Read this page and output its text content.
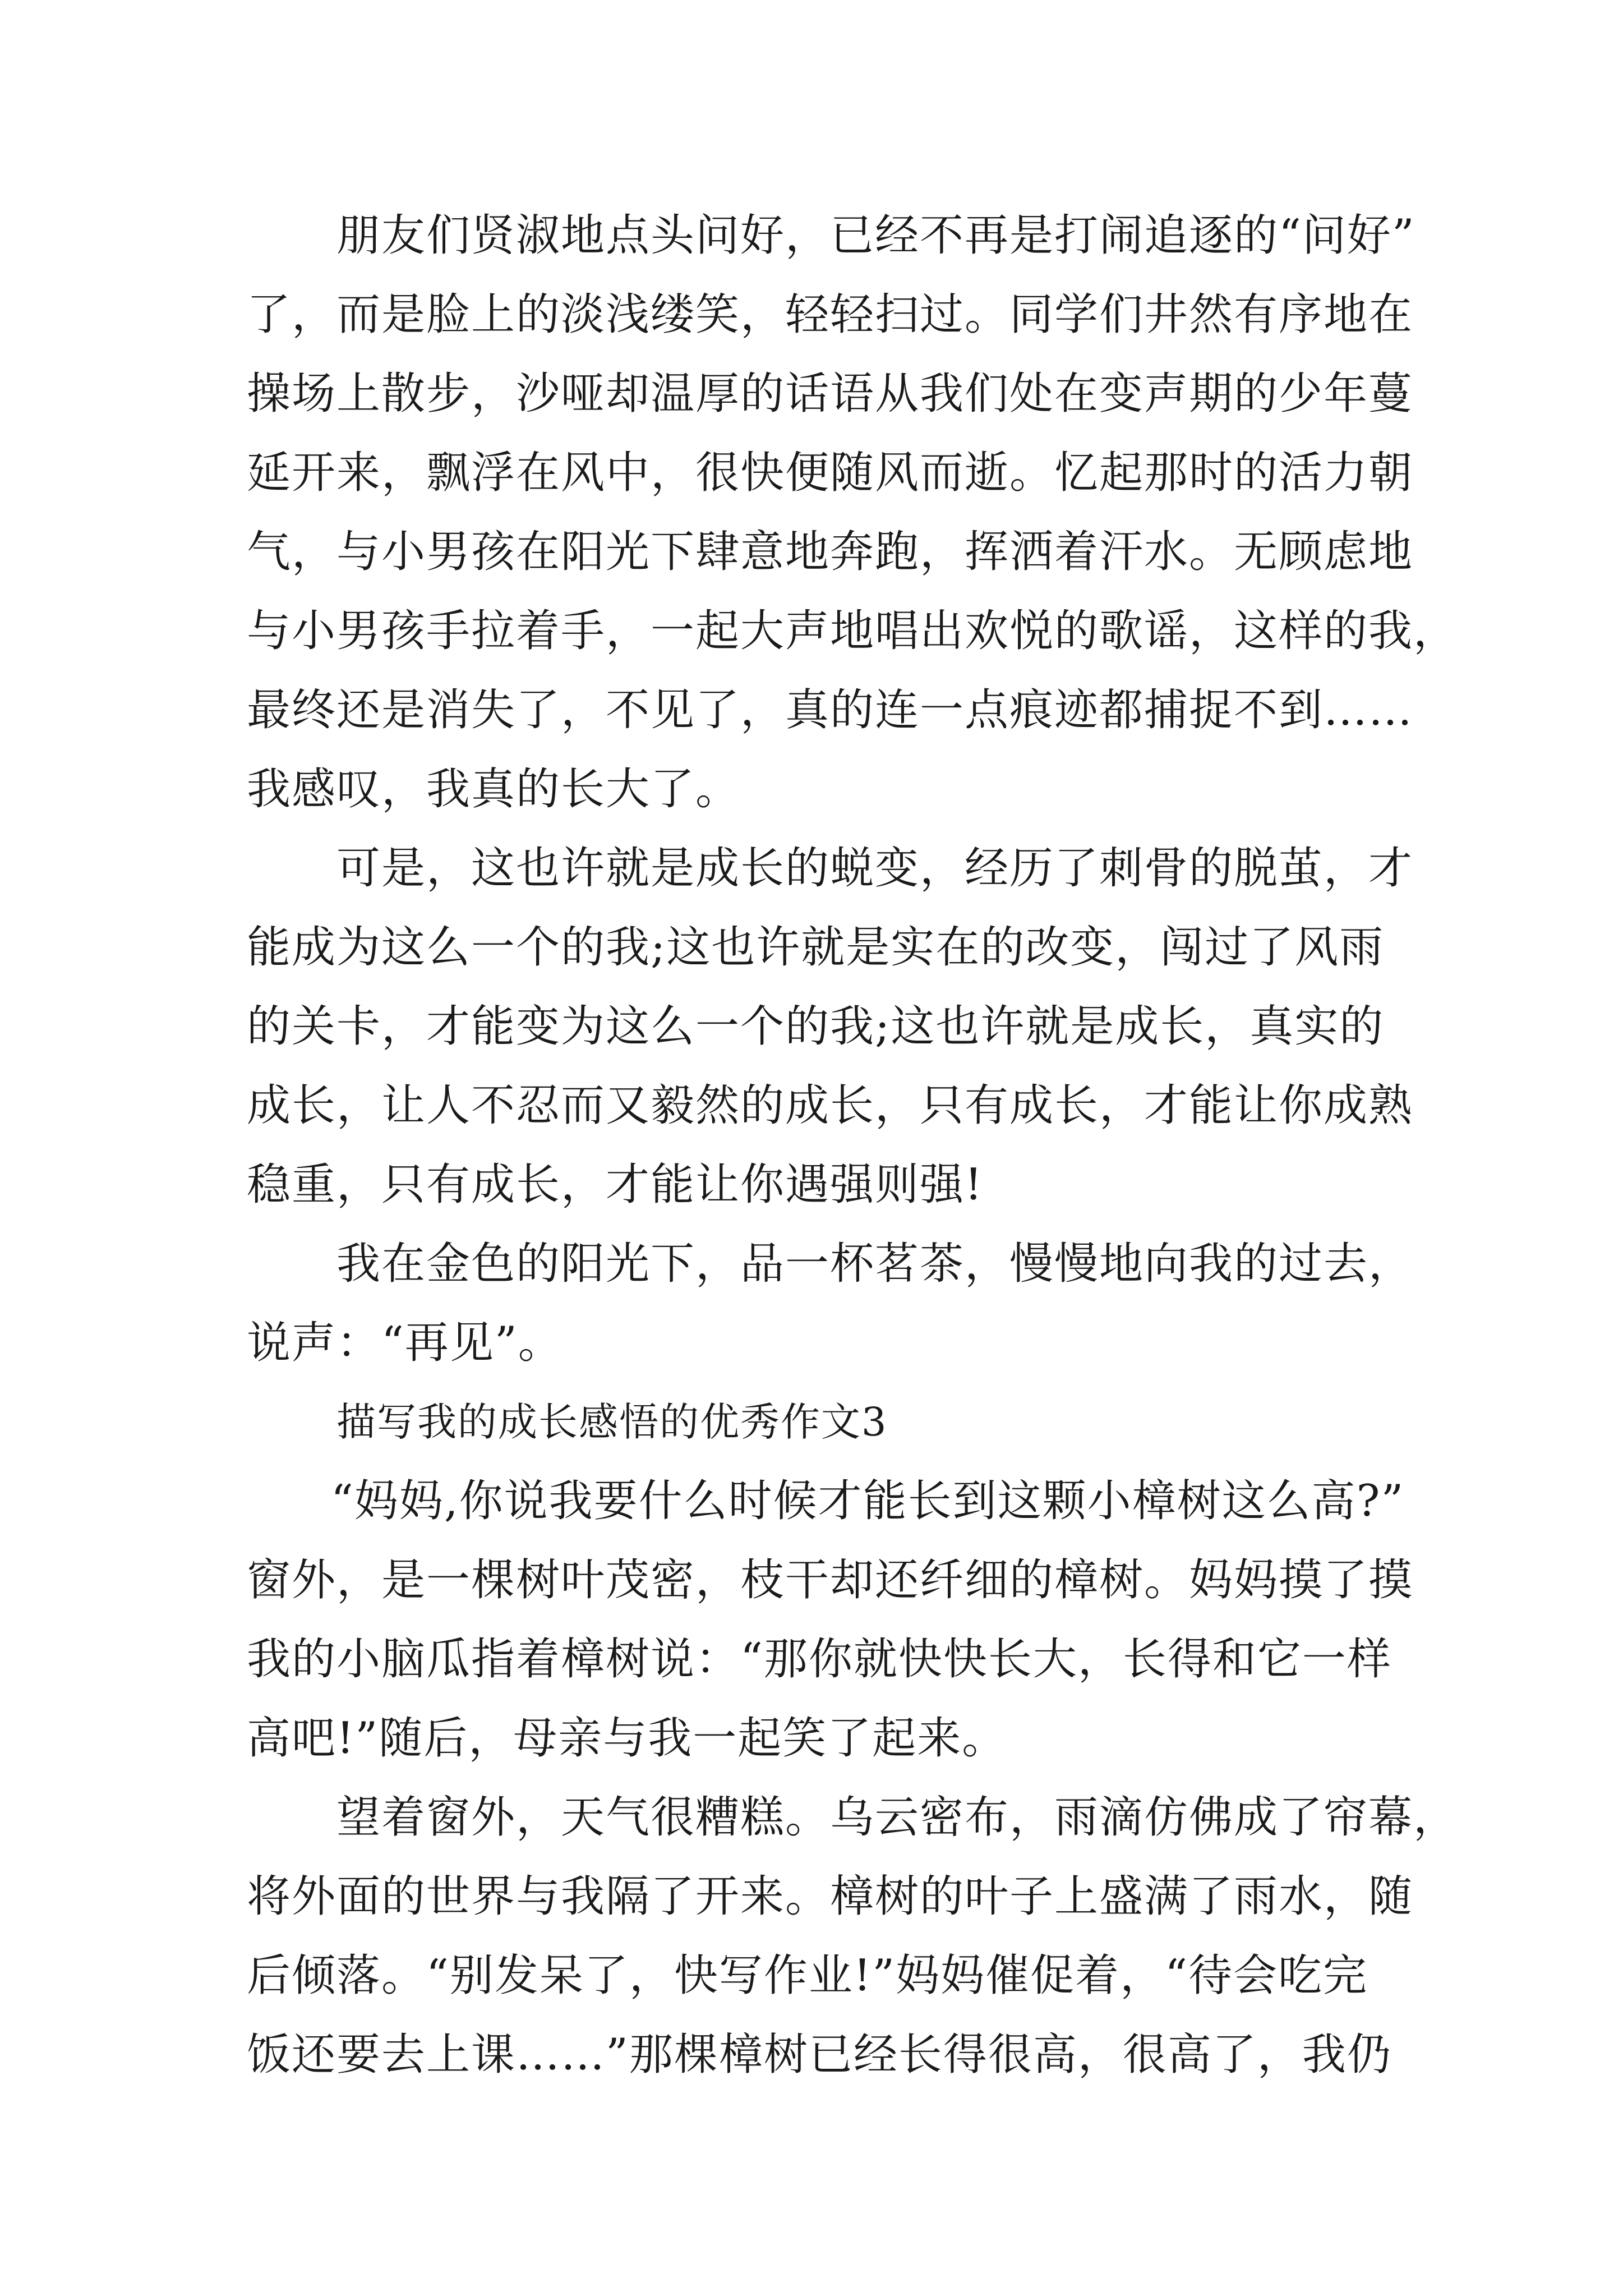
朋友们贤淑地点头问好，已经不再是打闹追逐的“问好”
了，而是脸上的淡浅缕笑，轻轻扫过。同学们井然有序地在
操场上散步，沙哑却温厚的话语从我们处在变声期的少年蔓
延开来，飘浮在风中，很快便随风而逝。忆起那时的活力朝
气，与小男孩在阳光下肆意地奔跑，挥洒着汗水。无顾虑地
与小男孩手拉着手，一起大声地唱出欢悦的歌谣，这样的我，
最终还是消失了，不见了，真的连一点痕迹都捕捉不到……
我感叹，我真的长大了。
可是，这也许就是成长的蜕变，经历了刺骨的脱茧，才
能成为这么一个的我;这也许就是实在的改变，闯过了风雨
的关卡，才能变为这么一个的我;这也许就是成长，真实的
成长，让人不忍而又毅然的成长，只有成长，才能让你成熟
稳重，只有成长，才能让你遇强则强!
我在金色的阳光下，品一杯茗茶，慢慢地向我的过去，
说声：“再见”。
描写我的成长感悟的优秀作文3
“妈妈,你说我要什么时候才能长到这颗小樟树这么高?”
窗外，是一棵树叶茂密，枝干却还纤细的樟树。妈妈摸了摸
我的小脑瓜指着樟树说：“那你就快快长大，长得和它一样
高吧!”随后，母亲与我一起笑了起来。
望着窗外，天气很糟糕。乌云密布，雨滴仿佛成了帘幕，
将外面的世界与我隔了开来。樟树的叶子上盛满了雨水，随
后倾落。“别发呆了，快写作业!”妈妈催促着，“待会吃完
饭还要去上课……”那棵樟树已经长得很高，很高了，我仍
